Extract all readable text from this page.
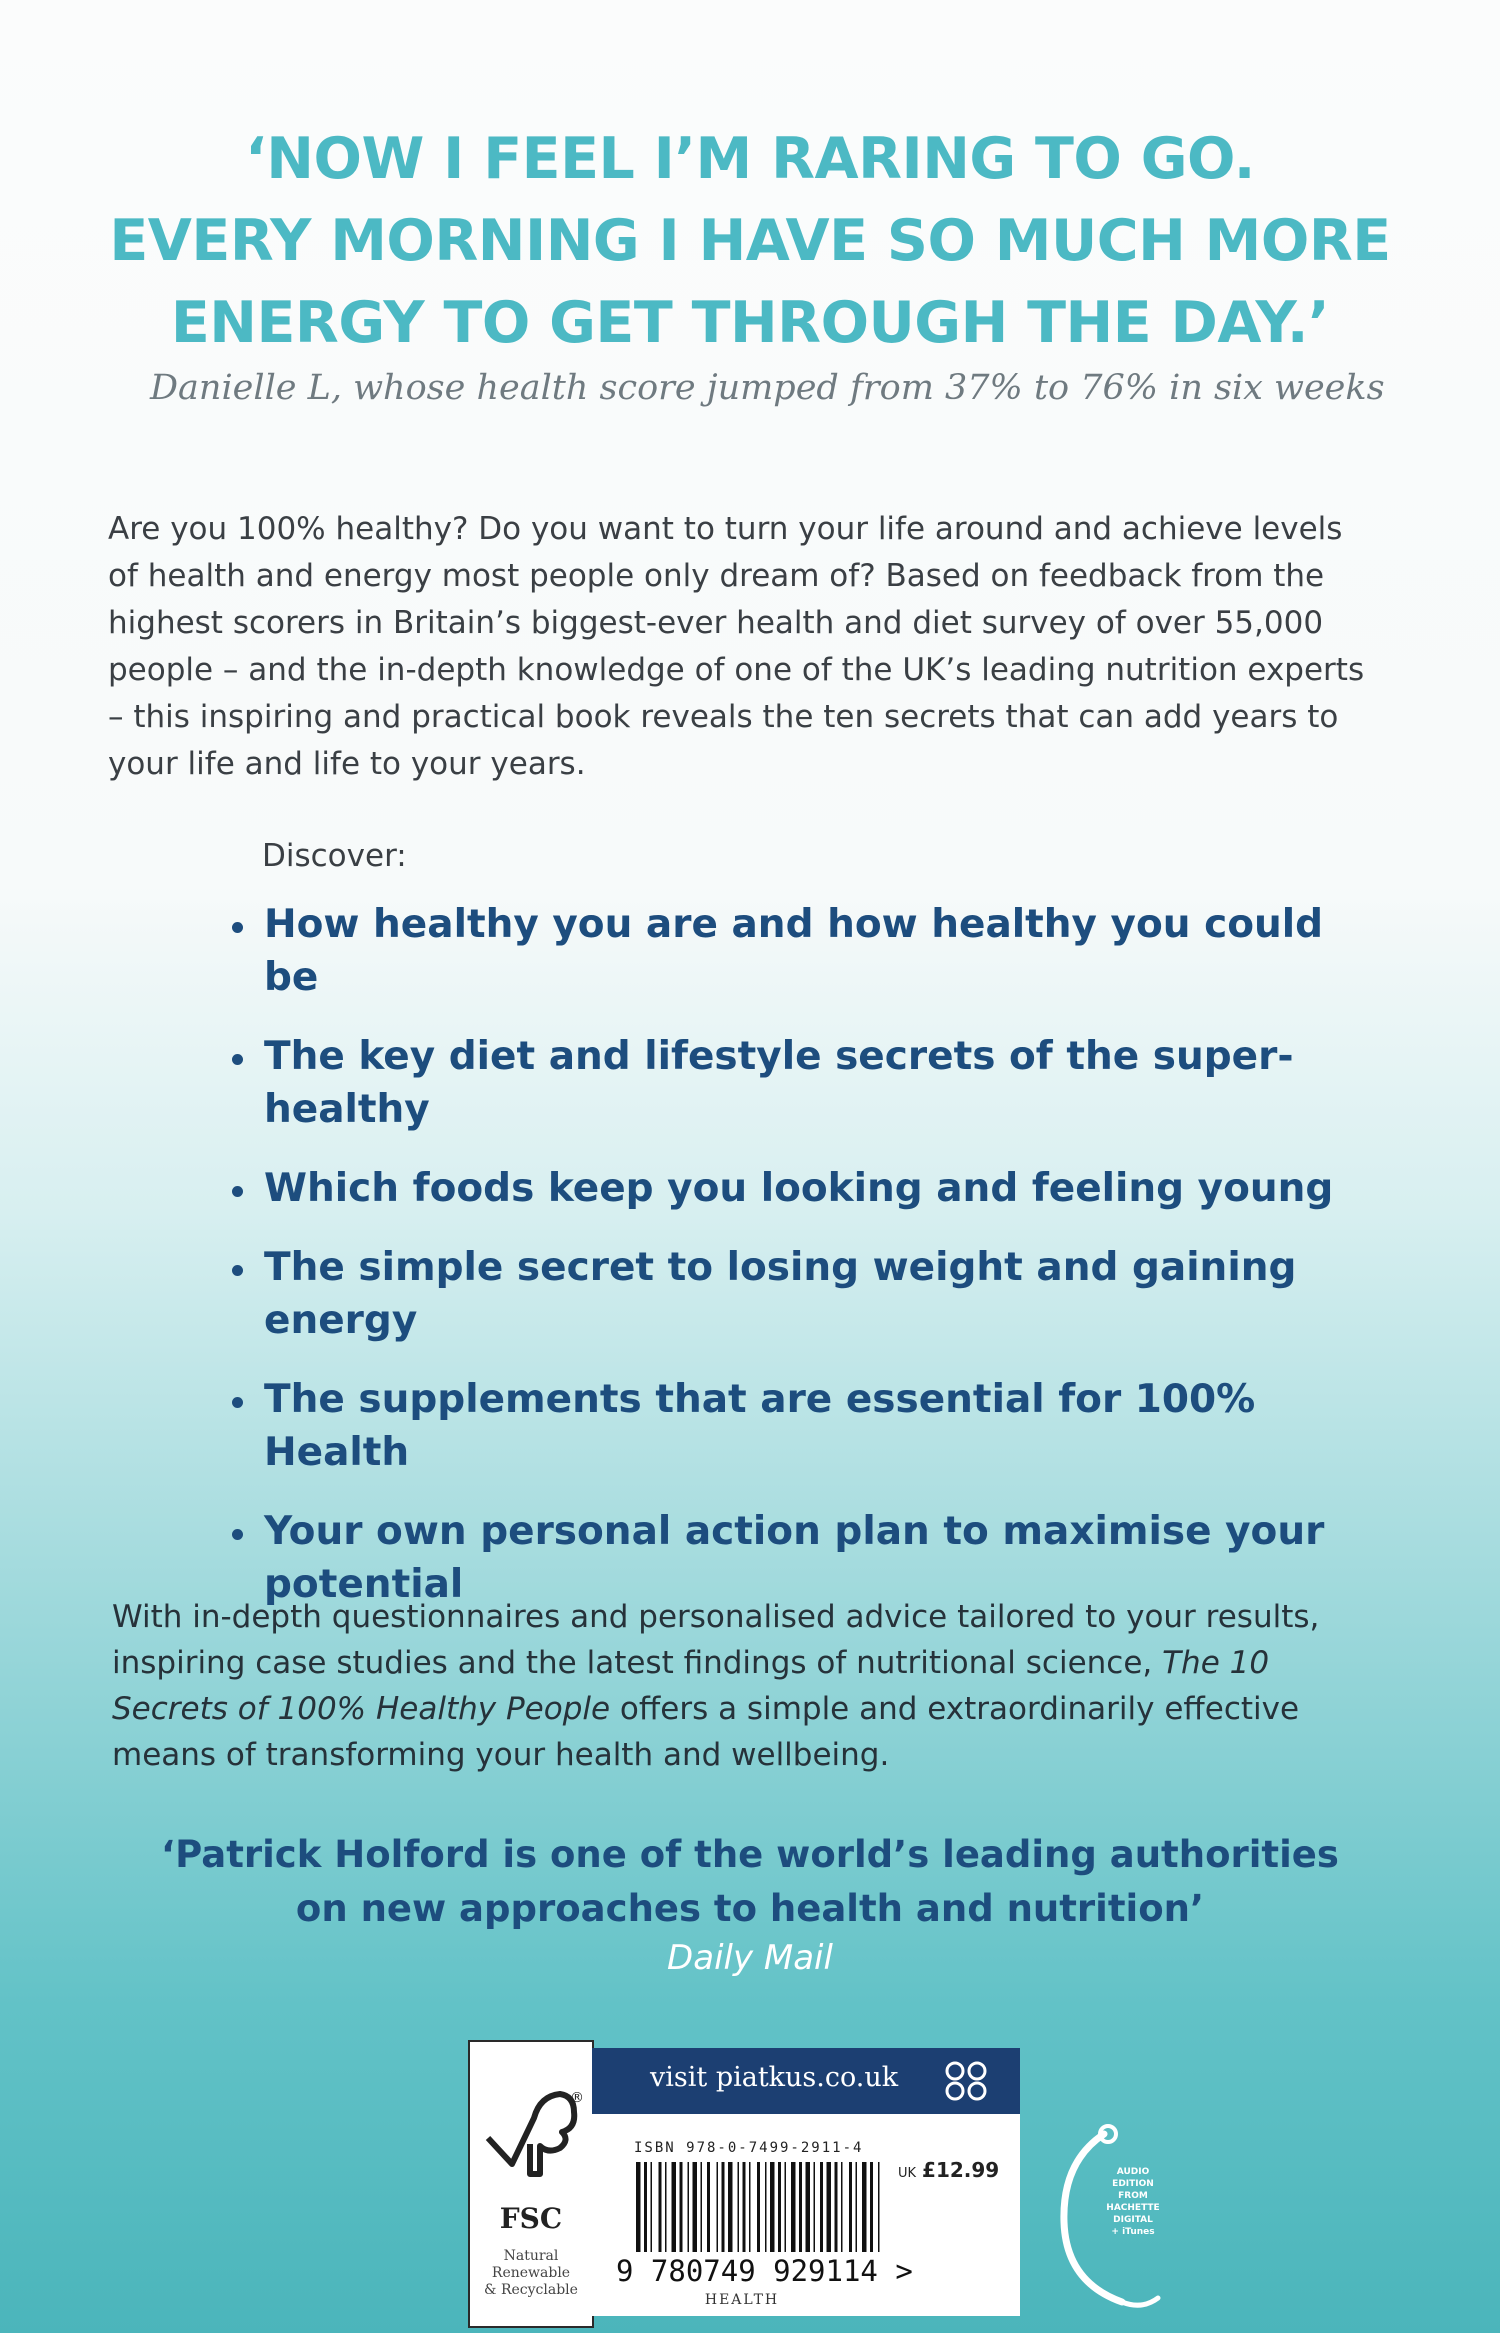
‘NOW I FEEL I’M RARING TO GO.
EVERY MORNING I HAVE SO MUCH MORE
ENERGY TO GET THROUGH THE DAY.’
Danielle L, whose health score jumped from 37% to 76% in six weeks

Are you 100% healthy? Do you want to turn your life around and achieve levels of health and energy most people only dream of? Based on feedback from the highest scorers in Britain’s biggest-ever health and diet survey of over 55,000 people – and the in-depth knowledge of one of the UK’s leading nutrition experts – this inspiring and practical book reveals the ten secrets that can add years to your life and life to your years.

Discover:
How healthy you are and how healthy you could be
The key diet and lifestyle secrets of the super-healthy
Which foods keep you looking and feeling young
The simple secret to losing weight and gaining energy
The supplements that are essential for 100% Health
Your own personal action plan to maximise your potential

With in-depth questionnaires and personalised advice tailored to your results, inspiring case studies and the latest findings of nutritional science, The 10 Secrets of 100% Healthy People offers a simple and extraordinarily effective means of transforming your health and wellbeing.

‘Patrick Holford is one of the world’s leading authorities
on new approaches to health and nutrition’
Daily Mail
®
FSC
Natural
Renewable
& Recyclable
visit piatkus.co.uk
ISBN 978-0-7499-2911-4
UK £12.99
9 780749 929114 >
HEALTH
AUDIO
EDITION
FROM
HACHETTE
DIGITAL
+ iTunes
